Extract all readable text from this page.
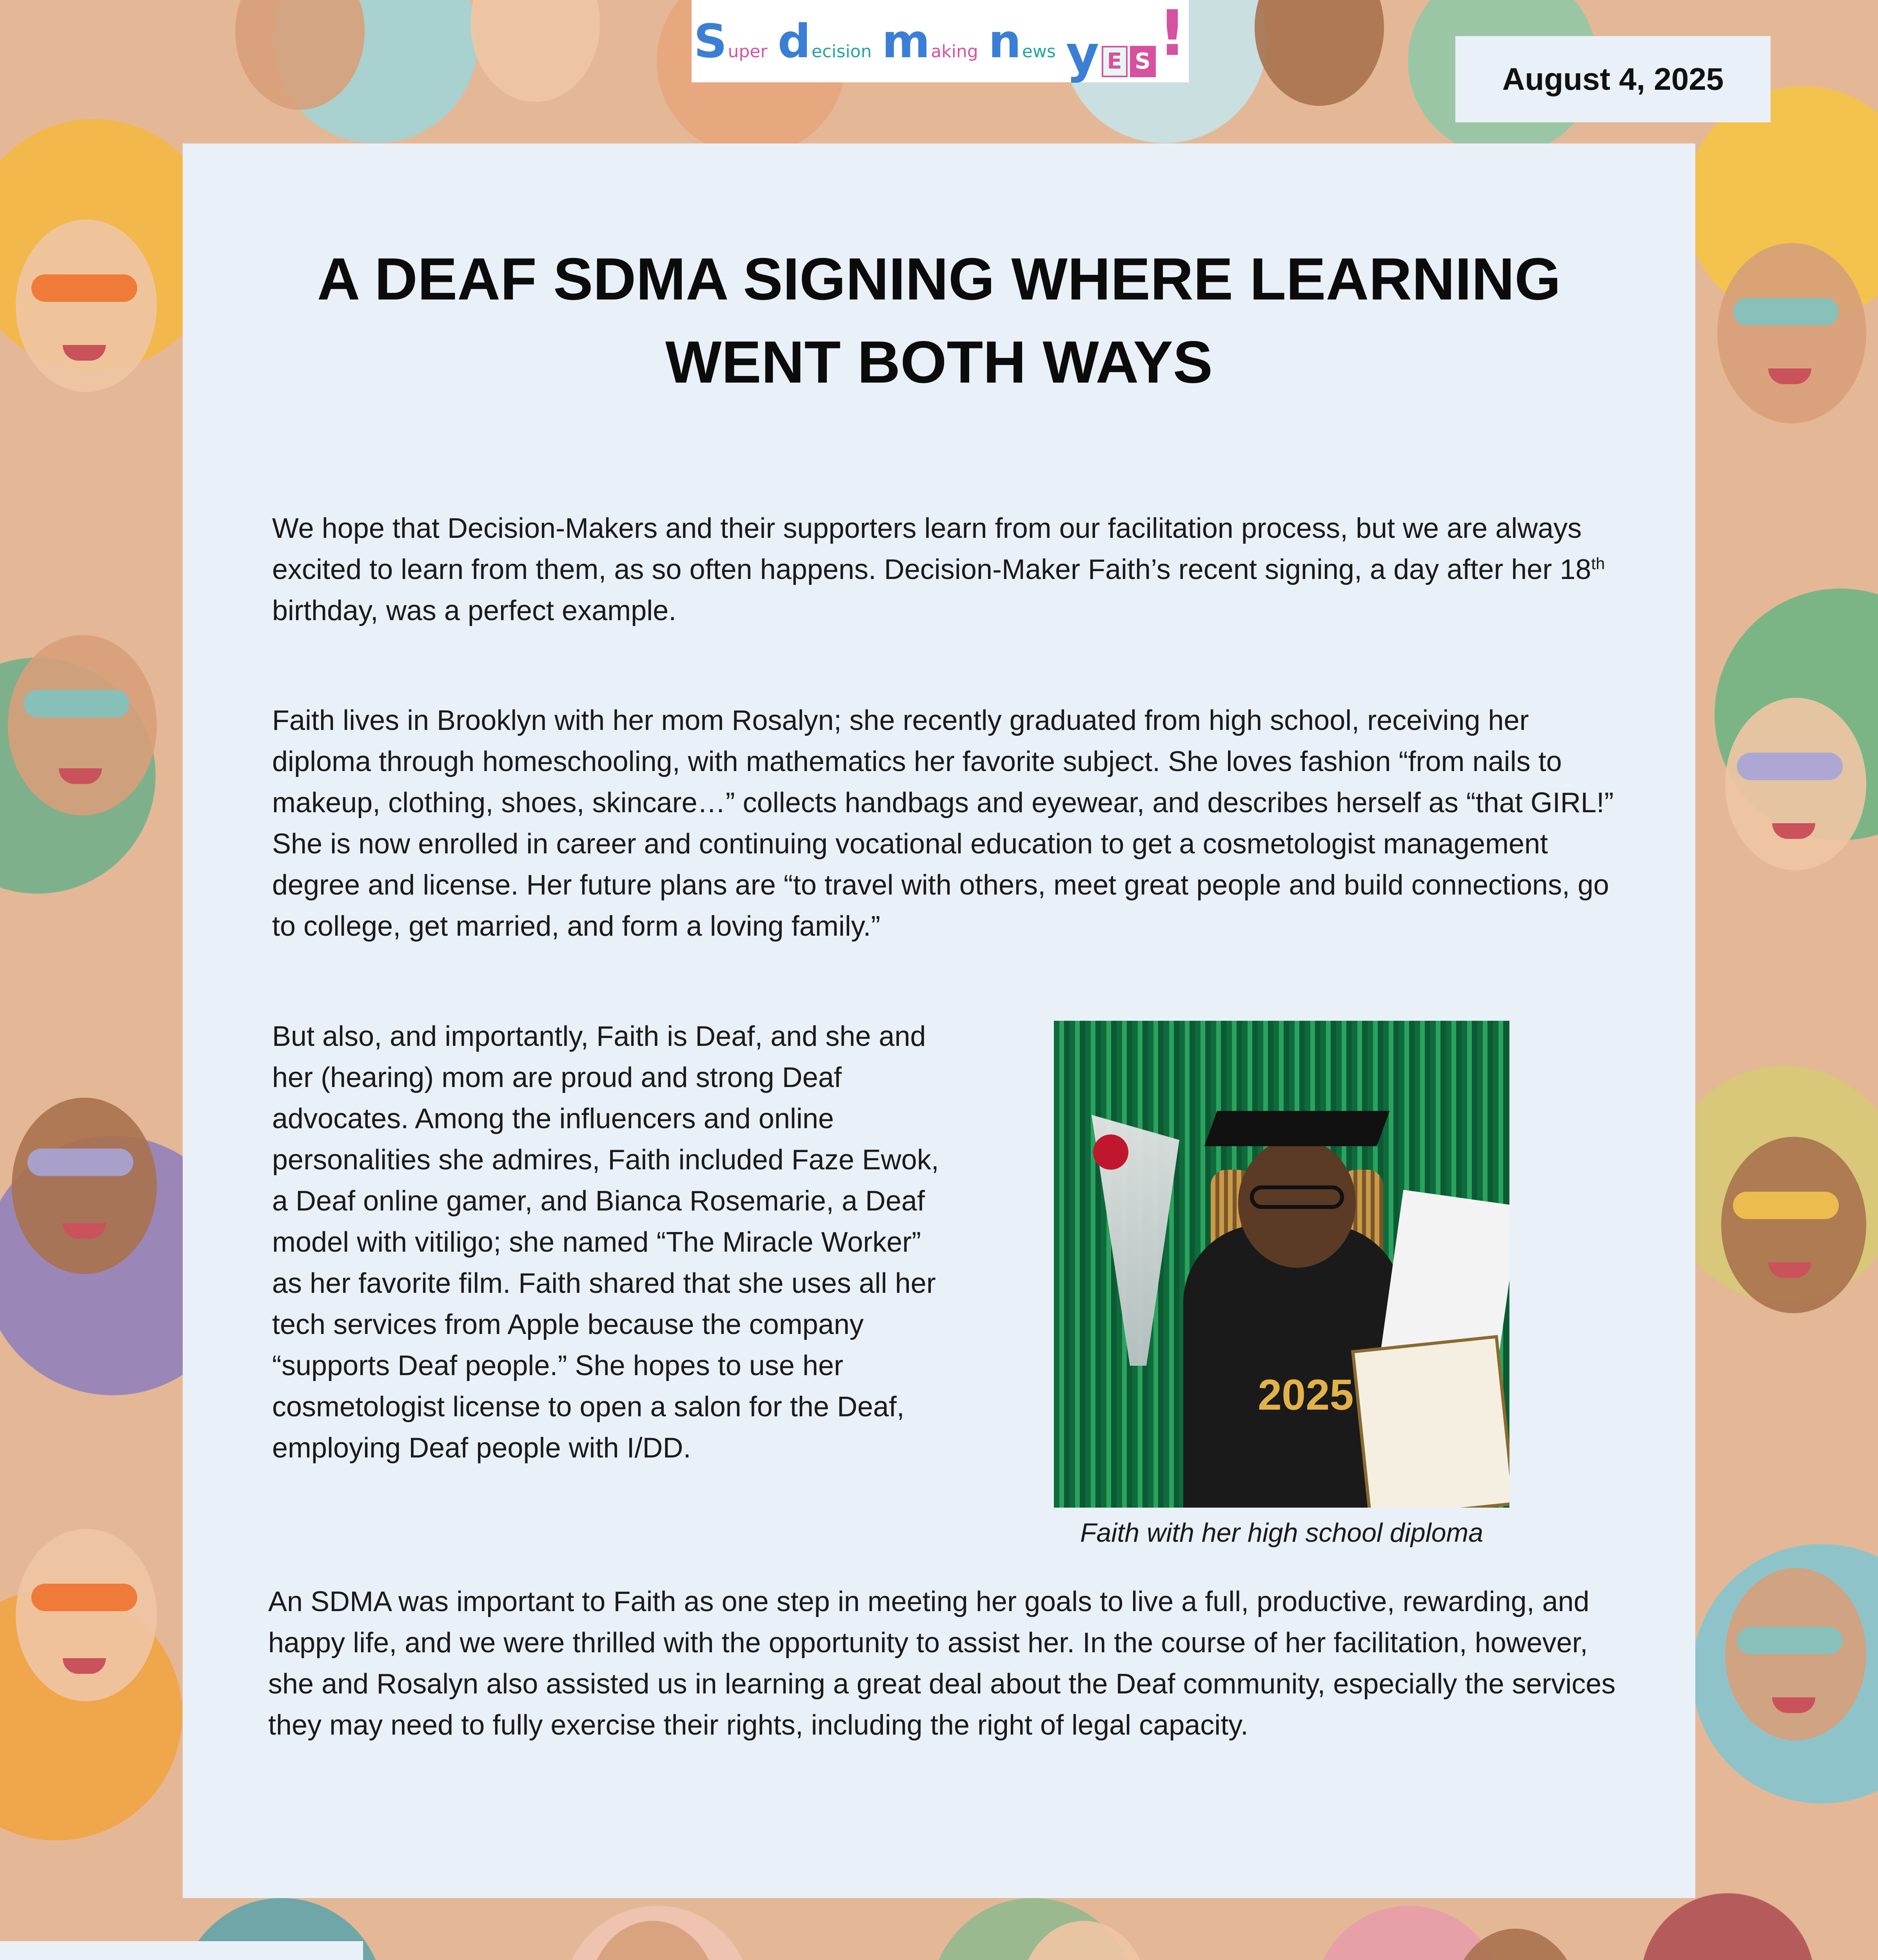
S uper d ecision m aking n ews y E S !
August 4, 2025
A DEAF SDMA SIGNING WHERE LEARNING
WENT BOTH WAYS

We hope that Decision-Makers and their supporters learn from our facilitation process, but we are always excited to learn from them, as so often happens. Decision-Maker Faith’s recent signing, a day after her 18th birthday, was a perfect example.

Faith lives in Brooklyn with her mom Rosalyn; she recently graduated from high school, receiving her diploma through homeschooling, with mathematics her favorite subject. She loves fashion “from nails to makeup, clothing, shoes, skincare…” collects handbags and eyewear, and describes herself as “that GIRL!” She is now enrolled in career and continuing vocational education to get a cosmetologist management degree and license. Her future plans are “to travel with others, meet great people and build connections, go to college, get married, and form a loving family.”

But also, and importantly, Faith is Deaf, and she and her (hearing) mom are proud and strong Deaf advocates. Among the influencers and online personalities she admires, Faith included Faze Ewok, a Deaf online gamer, and Bianca Rosemarie, a Deaf model with vitiligo; she named “The Miracle Worker” as her favorite film. Faith shared that she uses all her tech services from Apple because the company “supports Deaf people.” She hopes to use her cosmetologist license to open a salon for the Deaf, employing Deaf people with I/DD.

2025

Faith with her high school diploma

An SDMA was important to Faith as one step in meeting her goals to live a full, productive, rewarding, and happy life, and we were thrilled with the opportunity to assist her. In the course of her facilitation, however, she and Rosalyn also assisted us in learning a great deal about the Deaf community, especially the services they may need to fully exercise their rights, including the right of legal capacity.
